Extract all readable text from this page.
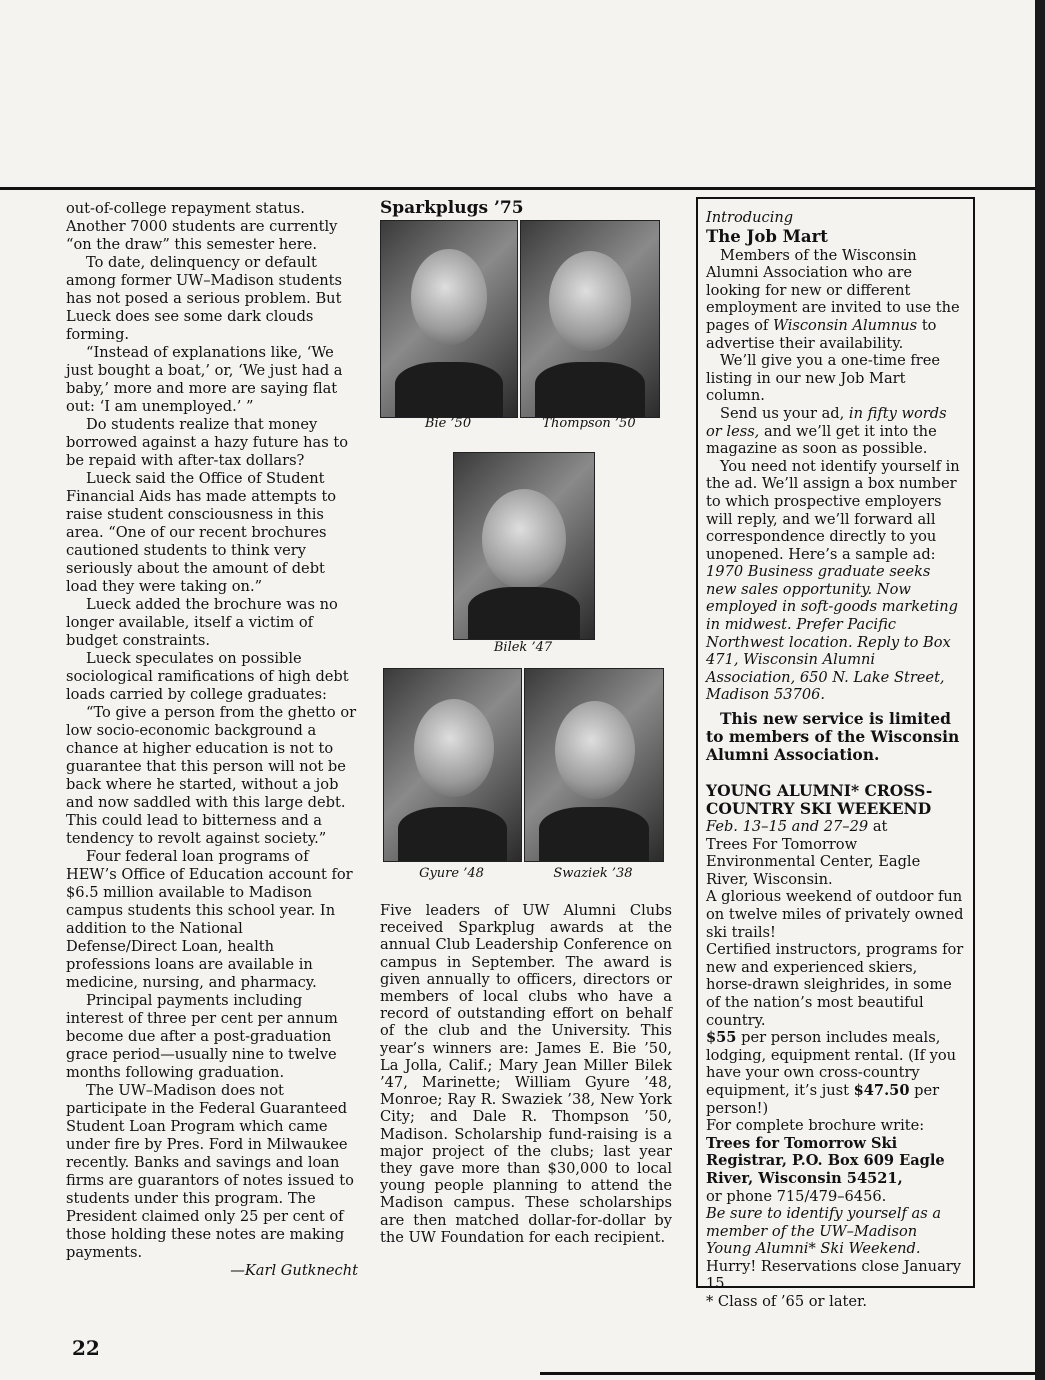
out-of-college repayment status. Another 7000 students are currently “on the draw” this semester here.

To date, delinquency or default among former UW–Madison students has not posed a serious problem. But Lueck does see some dark clouds forming.

“Instead of explanations like, ‘We just bought a boat,’ or, ‘We just had a baby,’ more and more are saying flat out: ‘I am unemployed.’ ”

Do students realize that money borrowed against a hazy future has to be repaid with after-tax dollars?

Lueck said the Office of Student Financial Aids has made attempts to raise student consciousness in this area. “One of our recent brochures cautioned students to think very seriously about the amount of debt load they were taking on.”

Lueck added the brochure was no longer available, itself a victim of budget constraints.

Lueck speculates on possible sociological ramifications of high debt loads carried by college graduates:

“To give a person from the ghetto or low socio-economic background a chance at higher education is not to guarantee that this person will not be back where he started, without a job and now saddled with this large debt. This could lead to bitterness and a tendency to revolt against society.”

Four federal loan programs of HEW’s Office of Education account for $6.5 million available to Madison campus students this school year. In addition to the National Defense/Direct Loan, health professions loans are available in medicine, nursing, and pharmacy.

Principal payments including interest of three per cent per annum become due after a post-graduation grace period—usually nine to twelve months following graduation.

The UW–Madison does not participate in the Federal Guaranteed Student Loan Program which came under fire by Pres. Ford in Milwaukee recently. Banks and savings and loan firms are guarantors of notes issued to students under this program. The President claimed only 25 per cent of those holding these notes are making payments.

—Karl Gutknecht

Sparkplugs ’75
Bie ’50	Thompson ’50
Bilek ’47
Gyure ’48	Swaziek ’38

Five leaders of UW Alumni Clubs received Sparkplug awards at the annual Club Leadership Conference on campus in September. The award is given annually to officers, directors or members of local clubs who have a record of outstanding effort on behalf of the club and the University. This year’s winners are: James E. Bie ’50, La Jolla, Calif.; Mary Jean Miller Bilek ’47, Marinette; William Gyure ’48, Monroe; Ray R. Swaziek ’38, New York City; and Dale R. Thompson ’50, Madison. Scholarship fund-raising is a major project of the clubs; last year they gave more than $30,000 to local young people planning to attend the Madison campus. These scholarships are then matched dollar-for-dollar by the UW Foundation for each recipient.

Introducing

The Job Mart

Members of the Wisconsin Alumni Association who are looking for new or different employment are invited to use the pages of Wisconsin Alumnus to advertise their availability.

We’ll give you a one-time free listing in our new Job Mart column.

Send us your ad, in fifty words or less, and we’ll get it into the magazine as soon as possible.

You need not identify yourself in the ad. We’ll assign a box number to which prospective employers will reply, and we’ll forward all correspondence directly to you unopened. Here’s a sample ad: 1970 Business graduate seeks new sales opportunity. Now employed in soft-goods marketing in midwest. Prefer Pacific Northwest location. Reply to Box 471, Wisconsin Alumni Association, 650 N. Lake Street, Madison 53706.

This new service is limited to members of the Wisconsin Alumni Association.

YOUNG ALUMNI* CROSS-COUNTRY SKI WEEKEND

Feb. 13–15 and 27–29 at

Trees For Tomorrow Environmental Center, Eagle River, Wisconsin.

A glorious weekend of outdoor fun on twelve miles of privately owned ski trails!

Certified instructors, programs for new and experienced skiers, horse-drawn sleighrides, in some of the nation’s most beautiful country.

$55 per person includes meals, lodging, equipment rental. (If you have your own cross-country equipment, it’s just $47.50 per person!)

For complete brochure write:

Trees for Tomorrow Ski Registrar, P.O. Box 609 Eagle River, Wisconsin 54521,

or phone 715/479–6456.

Be sure to identify yourself as a member of the UW–Madison Young Alumni* Ski Weekend.

Hurry! Reservations close January 15.

* Class of ’65 or later.

22
